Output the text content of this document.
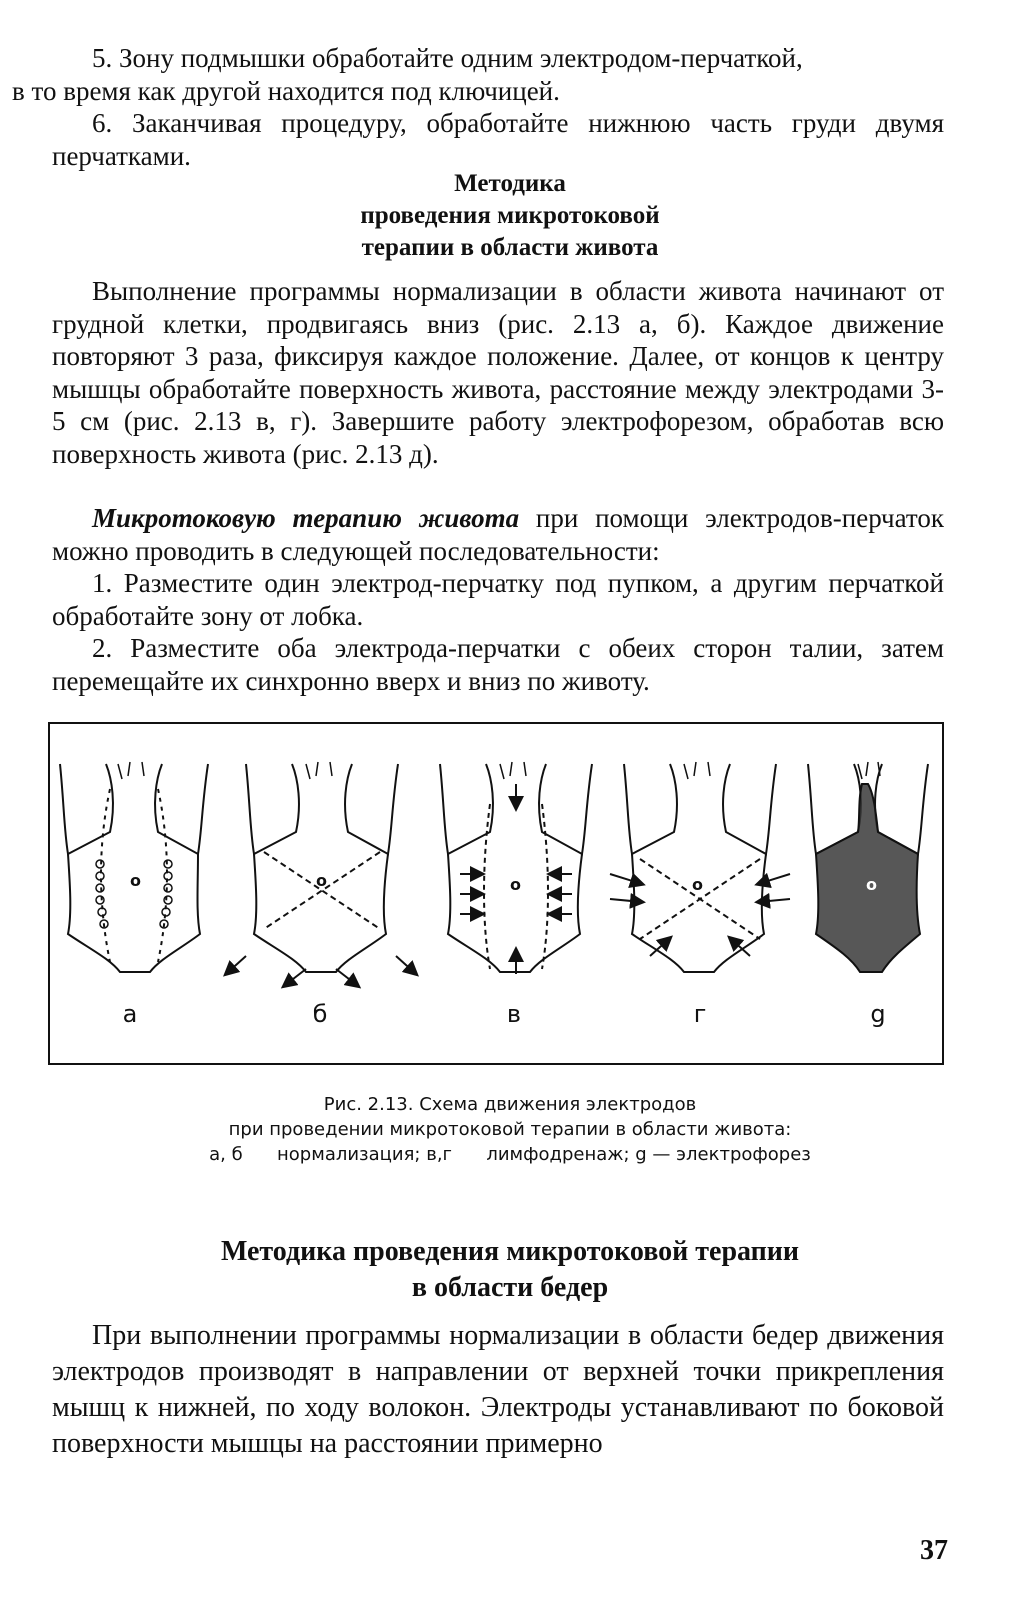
5. Зону подмышки обработайте одним электродом-перчаткой,
в то время как другой находится под ключицей.

6. Заканчивая процедуру, обработайте нижнюю часть груди двумя перчатками.

Методика
проведения микротоковой
терапии в области живота

Выполнение программы нормализации в области живота начинают от грудной клетки, продвигаясь вниз (рис. 2.13 а, б). Каждое движение повторяют 3 раза, фиксируя каждое положение. Далее, от концов к центру мышцы обработайте поверхность живота, расстояние между электродами 3-5 см (рис. 2.13 в, г). Завершите работу электрофорезом, обработав всю поверхность живота (рис. 2.13 д).

Микротоковую терапию живота при помощи электродов-перчаток можно проводить в следующей последовательности:

1. Разместите один электрод-перчатку под пупком, а другим перчаткой обработайте зону от лобка.

2. Разместите оба электрода-перчатки с обеих сторон талии, затем перемещайте их синхронно вверх и вниз по животу.

o	o	o	o	o
а	б	в	г	g
Рис. 2.13. Схема движения электродов
при проведении микротоковой терапии в области живота:
а, б      нормализация; в,г      лимфодренаж; g — электрофорез
Методика проведения микротоковой терапии
в области бедер

При выполнении программы нормализации в области бедер движения электродов производят в направлении от верхней точки прикрепления мышц к нижней, по ходу волокон. Электроды устанавливают по боковой поверхности мышцы на расстоянии примерно

37
